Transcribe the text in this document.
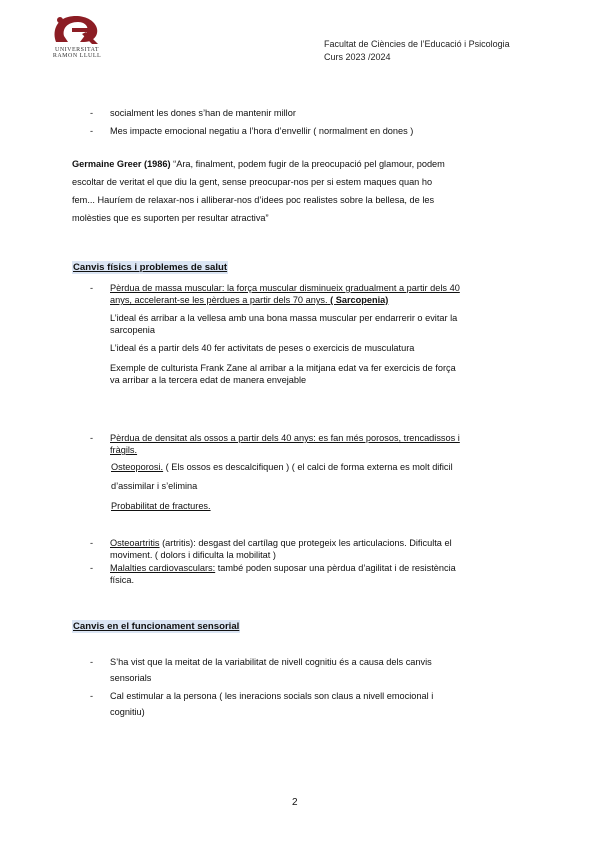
UNIVERSITAT
RAMON LLULL
Facultat de Ciències de l’Educació i Psicologia
Curs 2023 /2024
- socialment les dones s’han de mantenir millor
- Mes impacte emocional negatiu a l’hora d’envellir ( normalment en dones )
Germaine Greer (1986) “Ara, finalment, podem fugir de la preocupació pel glamour, podem
escoltar de veritat el que diu la gent, sense preocupar-nos per si estem maques quan ho
fem... Hauríem de relaxar-nos i alliberar-nos d’idees poc realistes sobre la bellesa, de les
molèsties que es suporten per resultar atractiva”
Canvis físics i problemes de salut
- Pèrdua de massa muscular: la força muscular disminueix gradualment a partir dels 40
anys, accelerant-se les pèrdues a partir dels 70 anys. ( Sarcopenia)
L’ideal és arribar a la vellesa amb una bona massa muscular per endarrerir o evitar la
sarcopenia
L’ideal és a partir dels 40 fer activitats de peses o exercicis de musculatura
Exemple de culturista Frank Zane al arribar a la mitjana edat va fer exercicis de força
va arribar a la tercera edat de manera envejable
- Pèrdua de densitat als ossos a partir dels 40 anys: es fan més porosos, trencadissos i
fràgils.
Osteoporosi. ( Els ossos es descalcifiquen ) ( el calci de forma externa es molt dificil
d’assimilar i s’elimina
Probabilitat de fractures.
- Osteoartritis (artritis): desgast del cartílag que protegeix les articulacions. Dificulta el
moviment. ( dolors i dificulta la mobilitat )
- Malalties cardiovasculars: també poden suposar una pèrdua d’agilitat i de resistència
física.
Canvis en el funcionament sensorial
- S’ha vist que la meitat de la variabilitat de nivell cognitiu és a causa dels canvis
sensorials
- Cal estimular a la persona ( les ineracions socials son claus a nivell emocional i
cognitiu)
2
